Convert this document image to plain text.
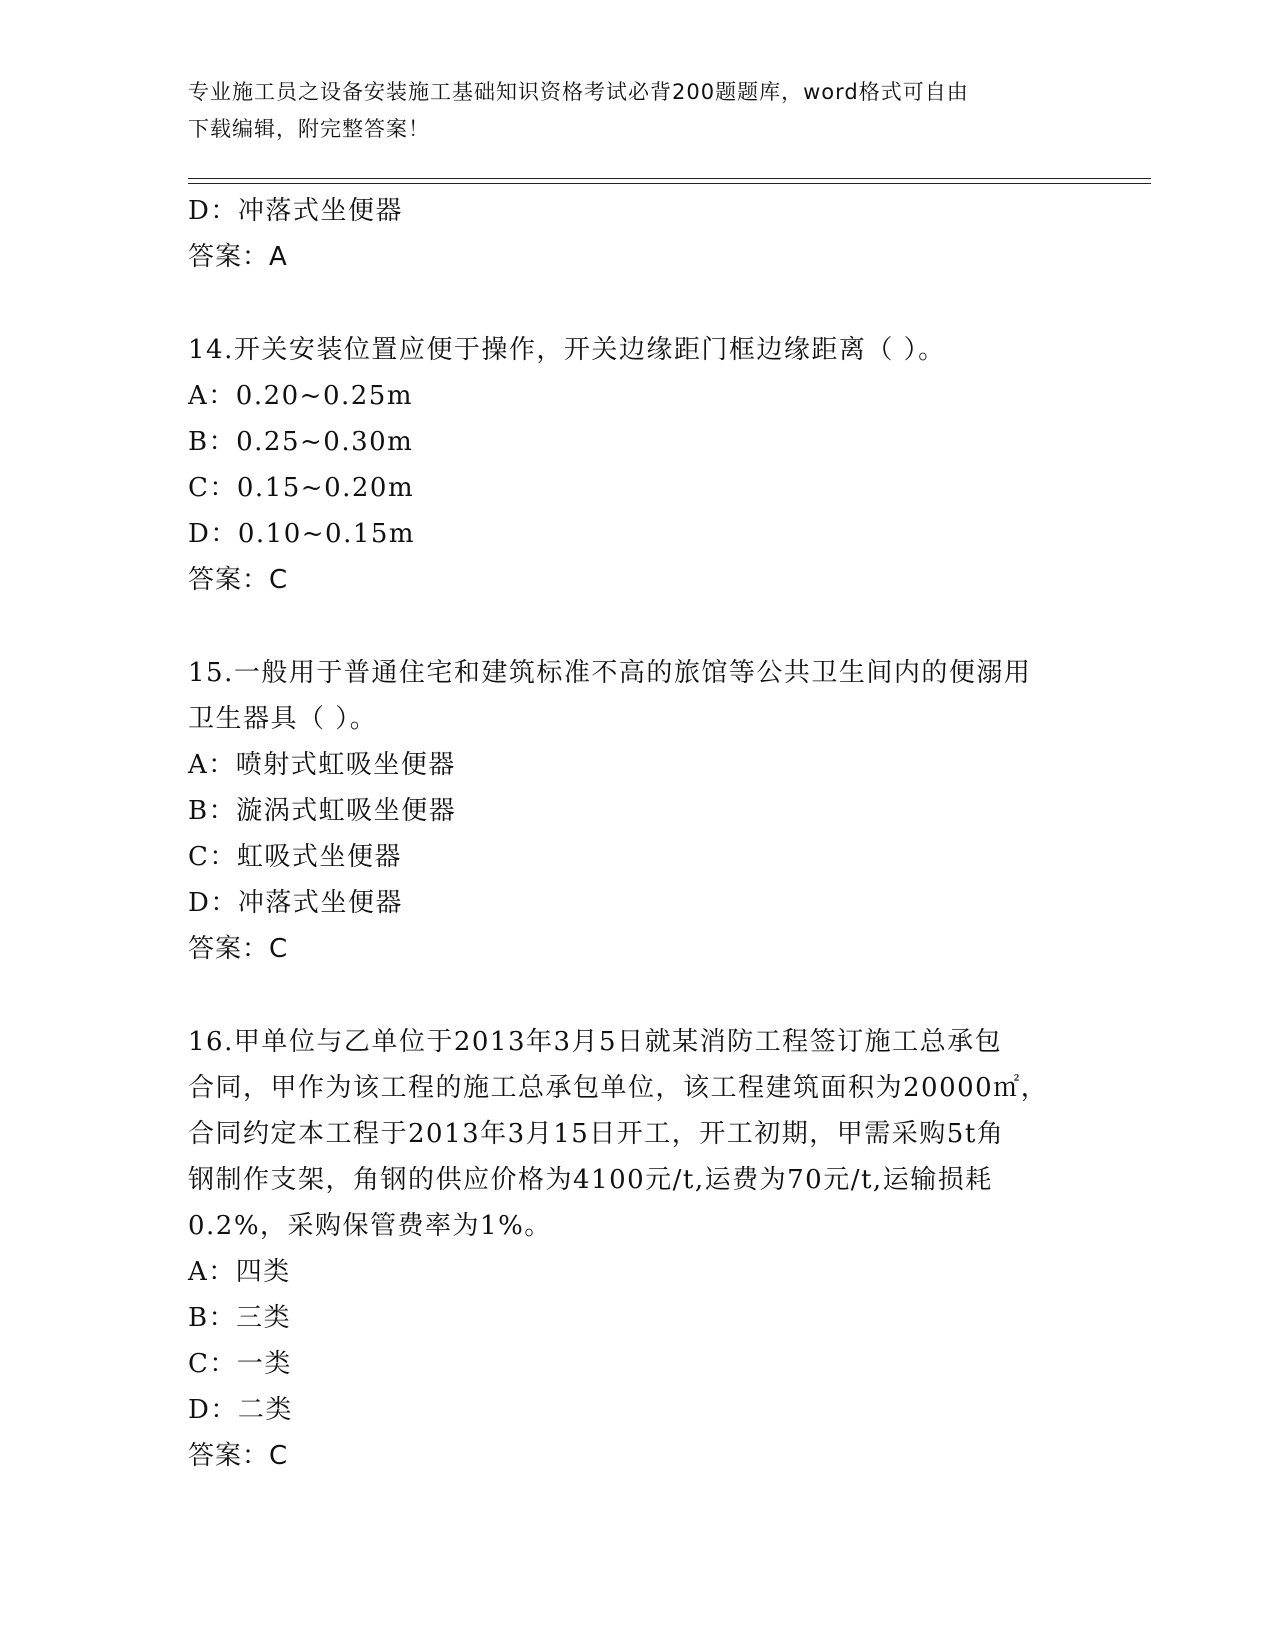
专业施工员之设备安装施工基础知识资格考试必背200题题库，word格式可自由
下载编辑，附完整答案！
D：冲落式坐便器
答案：A
14.开关安装位置应便于操作，开关边缘距门框边缘距离（ ）。
A：0.20~0.25m
B：0.25~0.30m
C：0.15~0.20m
D：0.10~0.15m
答案：C
15.一般用于普通住宅和建筑标准不高的旅馆等公共卫生间内的便溺用
卫生器具（ ）。
A：喷射式虹吸坐便器
B：漩涡式虹吸坐便器
C：虹吸式坐便器
D：冲落式坐便器
答案：C
16.甲单位与乙单位于2013年3月5日就某消防工程签订施工总承包
合同，甲作为该工程的施工总承包单位，该工程建筑面积为20000㎡，
合同约定本工程于2013年3月15日开工，开工初期，甲需采购5t角
钢制作支架，角钢的供应价格为4100元/t,运费为70元/t,运输损耗
0.2%，采购保管费率为1%。
A：四类
B：三类
C：一类
D：二类
答案：C
